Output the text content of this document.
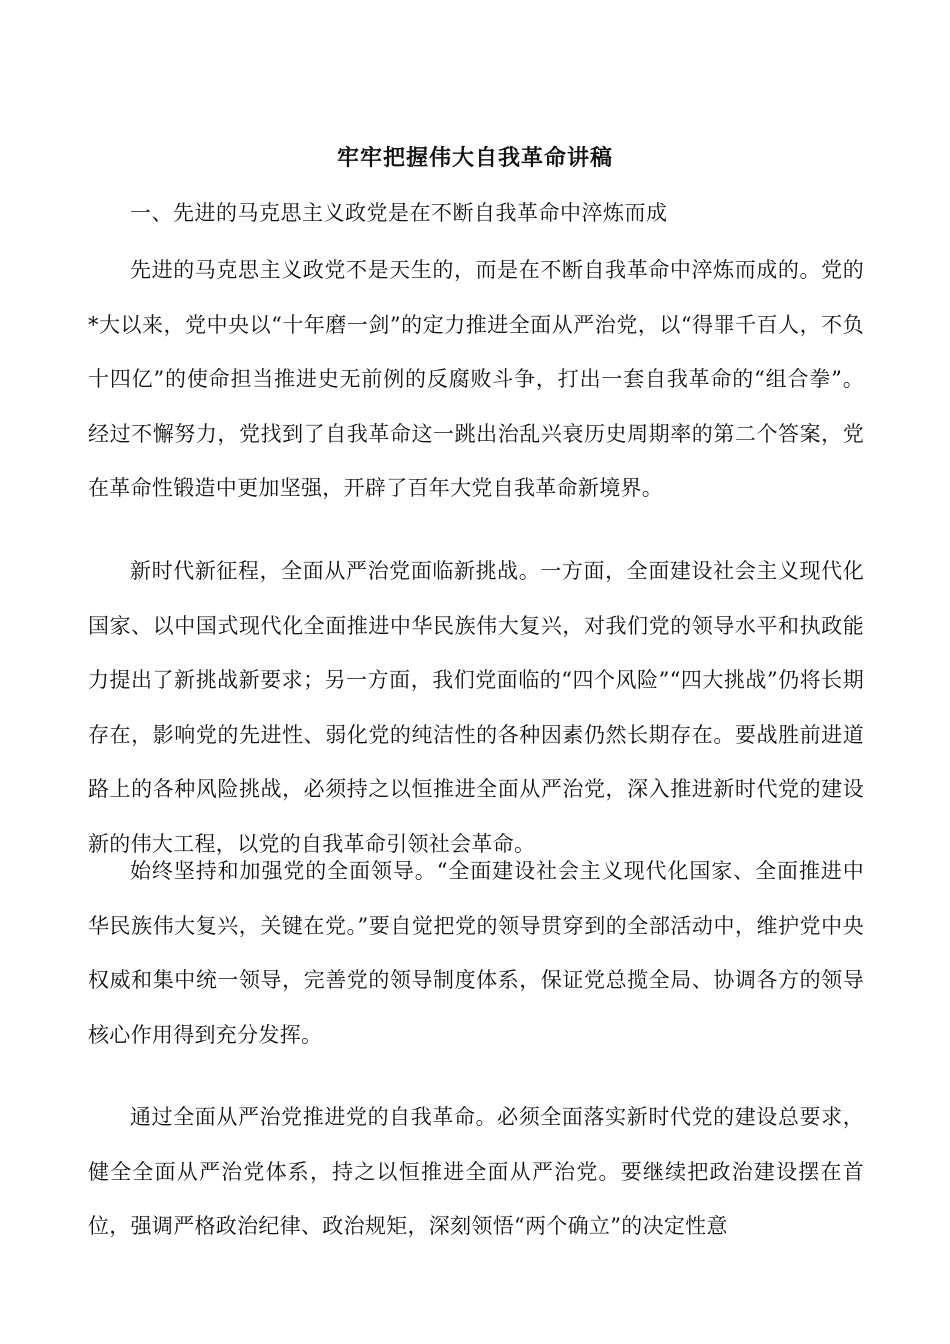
牢牢把握伟大自我革命讲稿
一、先进的马克思主义政党是在不断自我革命中淬炼而成

先进的马克思主义政党不是天生的，而是在不断自我革命中淬炼而成的。党的*大以来，党中央以“十年磨一剑”的定力推进全面从严治党，以“得罪千百人，不负十四亿”的使命担当推进史无前例的反腐败斗争，打出一套自我革命的“组合拳”。经过不懈努力，党找到了自我革命这一跳出治乱兴衰历史周期率的第二个答案，党在革命性锻造中更加坚强，开辟了百年大党自我革命新境界。

新时代新征程，全面从严治党面临新挑战。一方面，全面建设社会主义现代化国家、以中国式现代化全面推进中华民族伟大复兴，对我们党的领导水平和执政能力提出了新挑战新要求；另一方面，我们党面临的“四个风险”“四大挑战”仍将长期存在，影响党的先进性、弱化党的纯洁性的各种因素仍然长期存在。要战胜前进道路上的各种风险挑战，必须持之以恒推进全面从严治党，深入推进新时代党的建设新的伟大工程，以党的自我革命引领社会革命。

始终坚持和加强党的全面领导。“全面建设社会主义现代化国家、全面推进中华民族伟大复兴，关键在党。”要自觉把党的领导贯穿到的全部活动中，维护党中央权威和集中统一领导，完善党的领导制度体系，保证党总揽全局、协调各方的领导核心作用得到充分发挥。

通过全面从严治党推进党的自我革命。必须全面落实新时代党的建设总要求，健全全面从严治党体系，持之以恒推进全面从严治党。要继续把政治建设摆在首位，强调严格政治纪律、政治规矩，深刻领悟“两个确立”的决定性意
